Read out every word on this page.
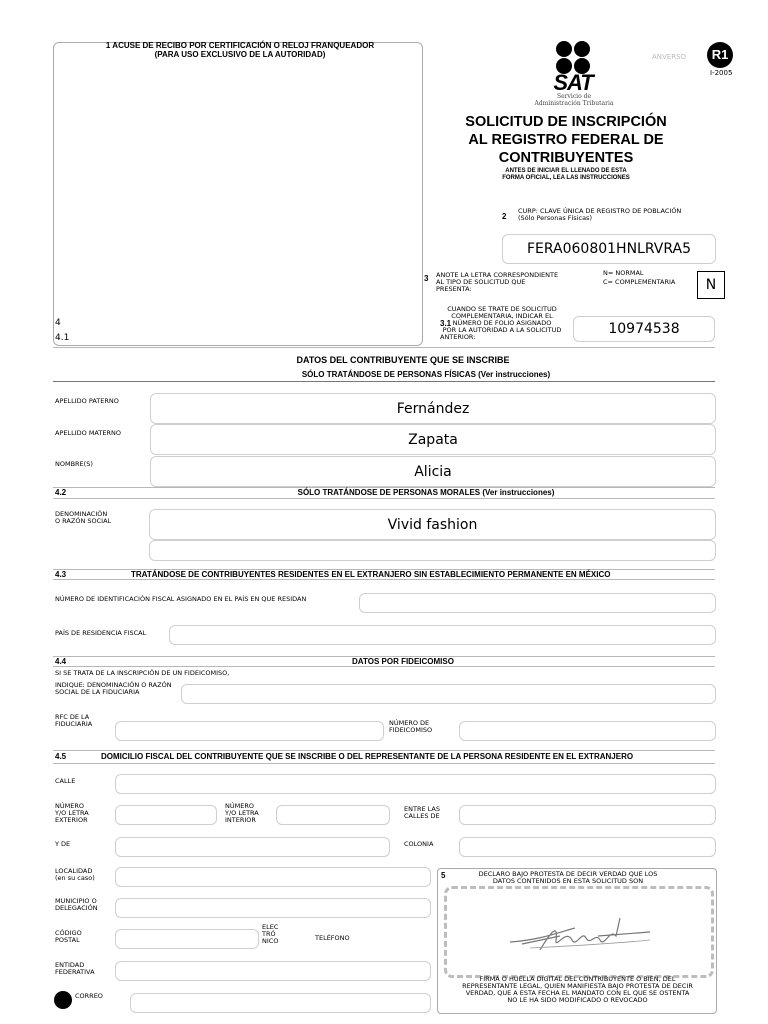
1 ACUSE DE RECIBO POR CERTIFICACIÓN O RELOJ FRANQUEADOR
(PARA USO EXCLUSIVO DE LA AUTORIDAD)
4
4.1
SAT
Servicio de
Administración Tributaria
ANVERSO	R1
I-2005
SOLICITUD DE INSCRIPCIÓN
AL REGISTRO FEDERAL DE
CONTRIBUYENTES
ANTES DE INICIAR EL LLENADO DE ESTA
FORMA OFICIAL, LEA LAS INSTRUCCIONES
2
CURP: CLAVE ÚNICA DE REGISTRO DE POBLACIÓN
(Sólo Personas Físicas)
FERA060801HNLRVRA5
3 ANOTE LA LETRA CORRESPONDIENTE
AL TIPO DE SOLICITUD QUE
PRESENTA:
N= NORMAL
C= COMPLEMENTARIA	N
CUANDO SE TRATE DE SOLICITUD
COMPLEMENTARIA, INDICAR EL
NÚMERO DE FOLIO ASIGNADO
POR LA AUTORIDAD A LA SOLICITUD
ANTERIOR:
3.1	10974538
DATOS DEL CONTRIBUYENTE QUE SE INSCRIBE
SÓLO TRATÁNDOSE DE PERSONAS FÍSICAS (Ver instrucciones)
APELLIDO PATERNO	Fernández
APELLIDO MATERNO	Zapata
NOMBRE(S)	Alicia
4.2	SÓLO TRATÁNDOSE DE PERSONAS MORALES (Ver instrucciones)
DENOMINACIÓN
O RAZÓN SOCIAL	Vivid fashion
4.3	TRATÁNDOSE DE CONTRIBUYENTES RESIDENTES EN EL EXTRANJERO SIN ESTABLECIMIENTO PERMANENTE EN MÉXICO
NÚMERO DE IDENTIFICACIÓN FISCAL ASIGNADO EN EL PAÍS EN QUE RESIDAN
PAÍS DE RESIDENCIA FISCAL
4.4	DATOS POR FIDEICOMISO
SI SE TRATA DE LA INSCRIPCIÓN DE UN FIDEICOMISO,
INDIQUE: DENOMINACIÓN O RAZÓN
SOCIAL DE LA FIDUCIARIA
RFC DE LA
FIDUCIARIA	NÚMERO DE
FIDEICOMISO
4.5	DOMICILIO FISCAL DEL CONTRIBUYENTE QUE SE INSCRIBE O DEL REPRESENTANTE DE LA PERSONA RESIDENTE EN EL EXTRANJERO
CALLE
NÚMERO
Y/O LETRA
EXTERIOR
NÚMERO
Y/O LETRA
INTERIOR
ENTRE LAS
CALLES DE
Y DE	COLONIA
LOCALIDAD
(en su caso)
MUNICIPIO O
DELEGACIÓN
CÓDIGO
POSTAL
ELEC
TRÓ
NICO	TELÉFONO
ENTIDAD
FEDERATIVA
CORREO
5	DECLARO BAJO PROTESTA DE DECIR VERDAD QUE LOS
DATOS CONTENIDOS EN ESTA SOLICITUD SON
FIRMA O HUELLA DIGITAL DEL CONTRIBUYENTE O BIEN, DEL
REPRESENTANTE LEGAL, QUIEN MANIFIESTA BAJO PROTESTA DE DECIR
VERDAD, QUE A ESTA FECHA EL MANDATO CON EL QUE SE OSTENTA
NO LE HA SIDO MODIFICADO O REVOCADO
